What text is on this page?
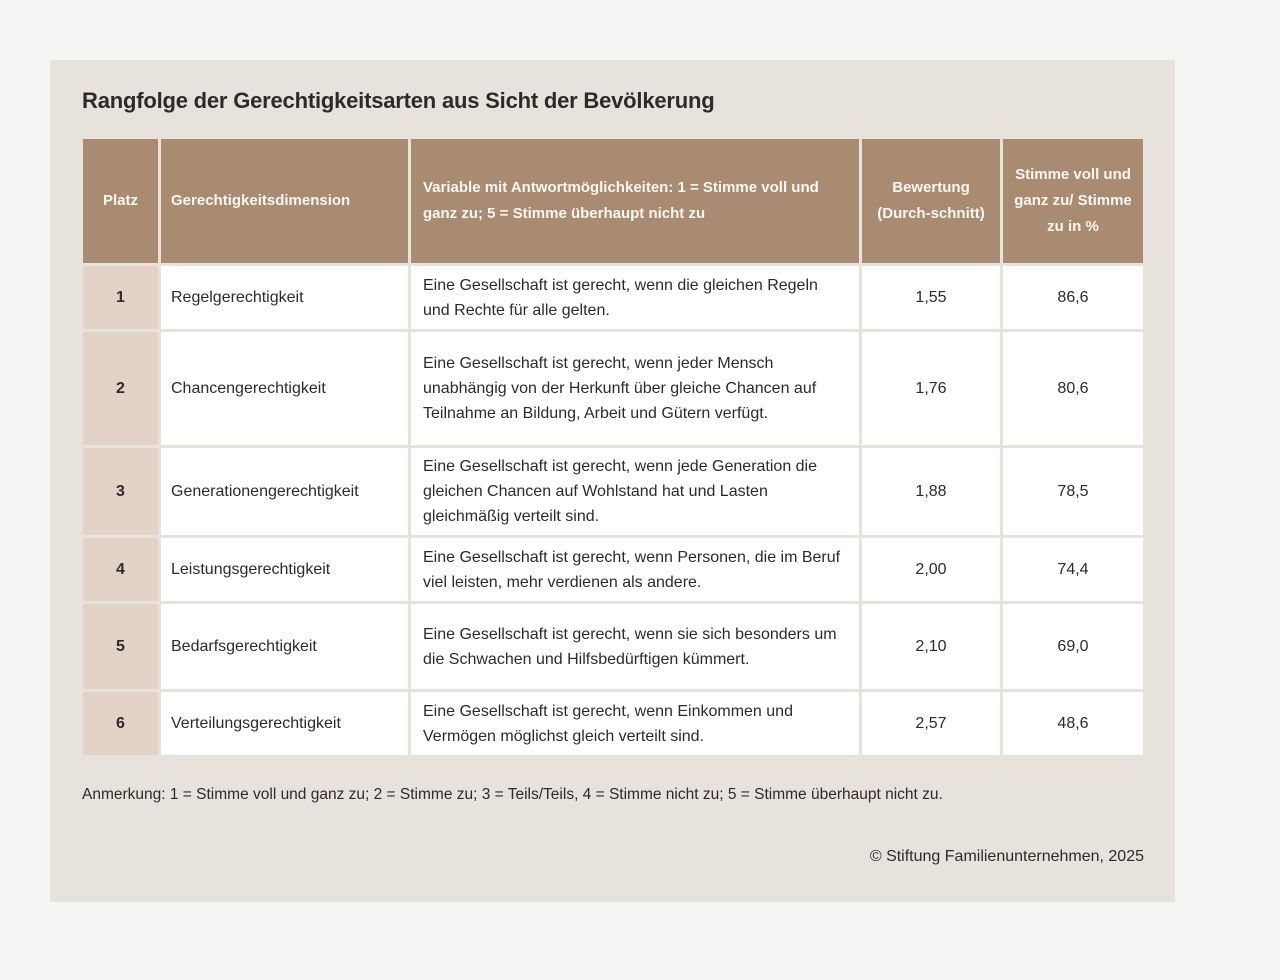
Rangfolge der Gerechtigkeitsarten aus Sicht der Bevölkerung
Platz	Gerechtigkeitsdimension	Variable mit Antwortmöglichkeiten: 1 = Stimme voll und ganz zu; 5 = Stimme überhaupt nicht zu	Bewertung (Durch-schnitt)	Stimme voll und ganz zu/ Stimme zu in %
1	Regelgerechtigkeit	Eine Gesellschaft ist gerecht, wenn die gleichen Regeln und Rechte für alle gelten.	1,55	86,6
2	Chancengerechtigkeit	Eine Gesellschaft ist gerecht, wenn jeder Mensch unabhängig von der Herkunft über gleiche Chancen auf Teilnahme an Bildung, Arbeit und Gütern verfügt.	1,76	80,6
3	Generationengerechtigkeit	Eine Gesellschaft ist gerecht, wenn jede Generation die gleichen Chancen auf Wohlstand hat und Lasten gleichmäßig verteilt sind.	1,88	78,5
4	Leistungsgerechtigkeit	Eine Gesellschaft ist gerecht, wenn Personen, die im Beruf viel leisten, mehr verdienen als andere.	2,00	74,4
5	Bedarfsgerechtigkeit	Eine Gesellschaft ist gerecht, wenn sie sich besonders um die Schwachen und Hilfsbedürftigen kümmert.	2,10	69,0
6	Verteilungsgerechtigkeit	Eine Gesellschaft ist gerecht, wenn Einkommen und Vermögen möglichst gleich verteilt sind.	2,57	48,6
Anmerkung: 1 = Stimme voll und ganz zu; 2 = Stimme zu; 3 = Teils/Teils, 4 = Stimme nicht zu; 5 = Stimme überhaupt nicht zu.
© Stiftung Familienunternehmen, 2025
